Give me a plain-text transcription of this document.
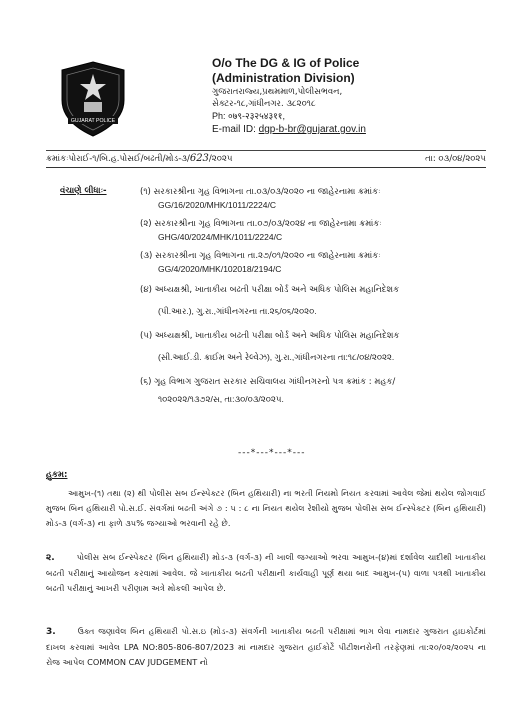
GUJARAT POLICE
O/o The DG & IG of Police
(Administration Division)
ગુજરાતરાજ્ય,પ્રથમમાળ,પોલીસભવન,
સેક્ટર-૧૮,ગાંધીનગર. ૩૮૨૦૧૮
Ph: ०७९-२३२५४३११,
E-mail ID: dgp-b-br@gujarat.gov.in
ક્રમાંકઃપોરાઈ-૧/બિ.હ.પોસઈ/બઢતી/મોડ-૩/623/૨૦૨૫	તા: ૦૩/૦૪/૨૦૨૫
વંચાણે લીધાઃ-	(૧) સરકારશ્રીના ગૃહ વિભાગના તા.૦૩/૦૩/૨૦૨૦ ના જાહેરનામા ક્રમાંકઃ
GG/16/2020/MHK/1011/2224/C
(૨) સરકારશ્રીના ગૃહ વિભાગના તા.૦૭/૦૩/૨૦૨૪ ના જાહેરનામા ક્રમાંકઃ
GHG/40/2024/MHK/1011/2224/C
(૩) સરકારશ્રીના ગૃહ વિભાગના તા.૨૭/૦૧/૨૦૨૦ ના જાહેરનામા ક્રમાંકઃ
GG/4/2020/MHK/102018/2194/C
(૪) અધ્યક્ષશ્રી, ખાતાકીય બઢતી પરીક્ષા બોર્ડ અને અધિક પોલિસ મહાનિદેશક
(પી.આર.), ગુ.રા.,ગાંધીનગરના તા.૨૬/૦૬/૨૦૨૦.
(૫) અધ્યક્ષશ્રી, ખાતાકીય બઢતી પરીક્ષા બોર્ડ અને અધિક પોલિસ મહાનિદેશક
(સી.આઈ.ડી. ક્રાઈમ અને રેલ્વેઝ), ગુ.રા.,ગાંધીનગરના તા:૧૮/૦૪/૨૦૨૨.
(૬) ગૃહ વિભાગ ગુજરાત સરકાર સચિવાલય ગાંધીનગરનો પત્ર ક્રમાંક : મહક/
૧૦૨૦૨૨/૧૩૭૨/સ, તા:૩૦/૦૩/૨૦૨૫.
---*---*---*---
હુકમ:
આમુખ-(૧) તથા (૨) થી પોલીસ સબ ઈન્સ્પેક્ટર (બિન હથિયારી) ના ભરતી નિયમો નિયત કરવામાં આવેલ જેમાં થયેલ જોગવાઈ મુજબ બિન હથિયારી પો.સ.ઈ. સંવર્ગમાં બઢતી અંગે ૭ : ૫ : ૮ ના નિયત થયેલ રેશીયો મુજબ પોલીસ સબ ઈન્સ્પેક્ટર (બિન હથિયારી) મોડ-૩ (વર્ગ-૩) ના ફાળે ૩૫% જગ્યાઓ ભરવાની રહે છે.
૨.	પોલીસ સબ ઈન્સ્પેક્ટર (બિન હથિયારી) મોડ-૩ (વર્ગ-૩) ની ખાલી જગ્યાઓ ભરવા આમુખ-(૪)માં દર્શાવેલ ચાદીથી ખાતાકીય બઢતી પરીક્ષાનું આયોજન કરવામાં આવેલ. જે ખાતાકીય બઢતી પરીક્ષાની કાર્યવાહી પૂર્ણ થયા બાદ આમુખ-(૫) વાળા પત્રથી ખાતાકીય બઢતી પરીક્ષાનું આખરી પરીણામ અત્રે મોકલી આપેલ છે.
3.	ઉક્ત જણાવેલ બિન હથિયારી પો.સ.ઇ (મોડ-૩) સંવર્ગની ખાતાકીય બઢતી પરીક્ષામાં ભાગ લેવા નામદાર ગુજરાત હાઇકોર્ટમાં દાખલ કરવામાં આવેલ LPA NO:805-806-807/2023 માં નામદાર ગુજરાત હાઈકોર્ટે પીટીશનરોની તરફેણમાં તા:૨૦/૦૨/૨૦૨૫ ના રોજ આપેલ COMMON CAV JUDGEMENT નો
